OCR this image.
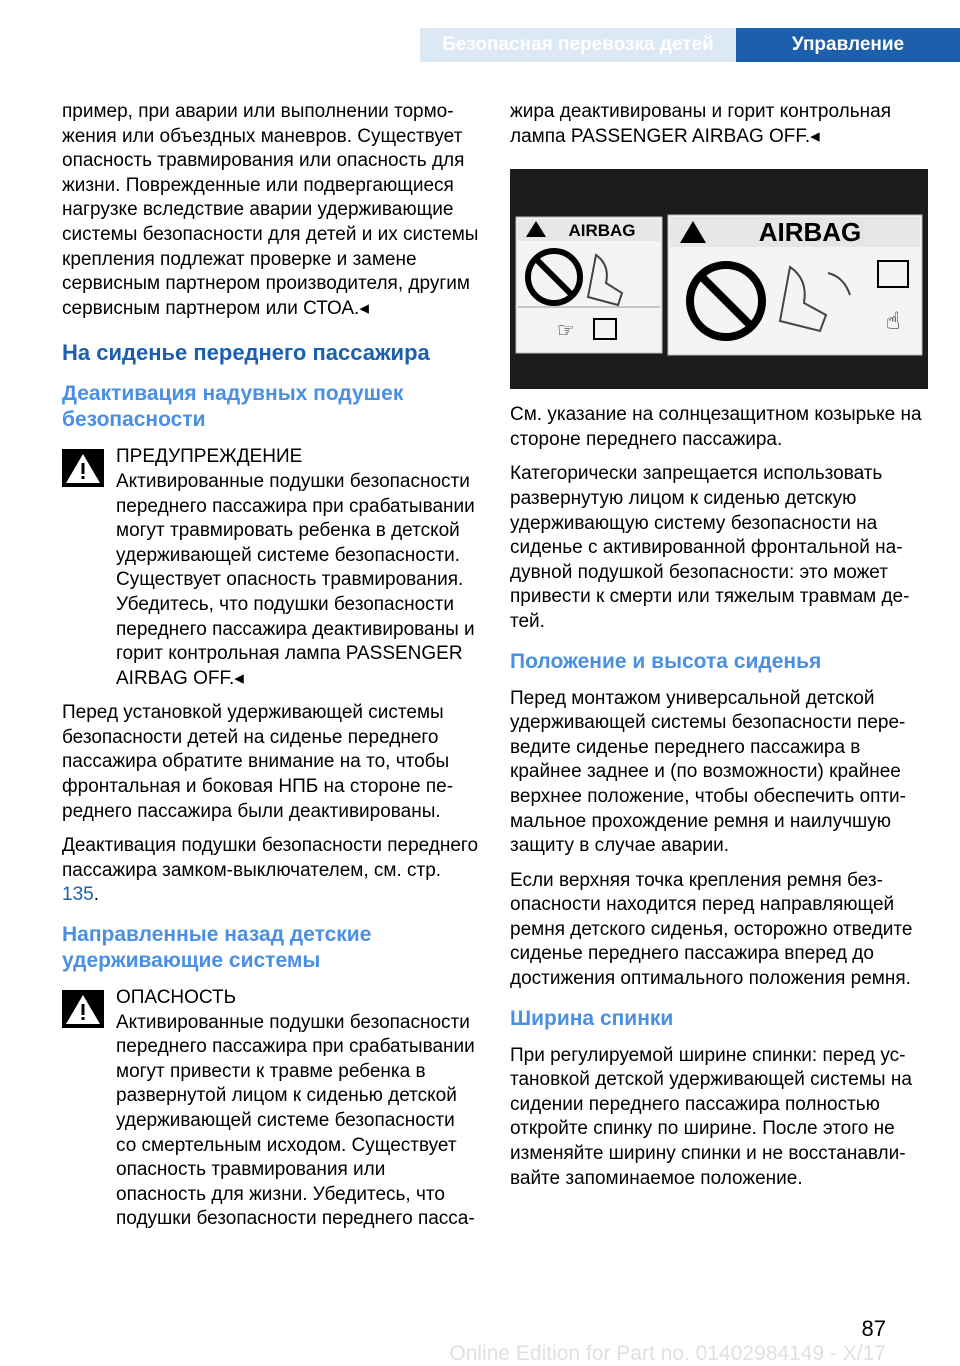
Безопасная перевозка детей	Управление

пример, при аварии или выполнении торможения или объездных маневров. Существует опасность травмирования или опасность для жизни. Поврежденные или подвергающиеся нагрузке вследствие аварии удерживающие системы безопасности для детей и их системы крепления подлежат проверке и замене сервисным партнером производителя, другим сервисным партнером или СТОА.◂

На сиденье переднего пассажира
Деактивация надувных подушек безопасности

ПРЕДУПРЕЖДЕНИЕ

Активированные подушки безопасности переднего пассажира при срабатывании могут травмировать ребенка в детской удерживающей системе безопасности. Существует опасность травмирования. Убедитесь, что подушки безопасности переднего пассажира деактивированы и горит контрольная лампа PASSENGER AIRBAG OFF.◂

Перед установкой удерживающей системы безопасности детей на сиденье переднего пассажира обратите внимание на то, чтобы фронтальная и боковая НПБ на стороне переднего пассажира были деактивированы.

Деактивация подушки безопасности переднего пассажира замком-выключателем, см. стр. 135.

Направленные назад детские удерживающие системы

ОПАСНОСТЬ

Активированные подушки безопасности переднего пассажира при срабатывании могут привести к травме ребенка в развернутой лицом к сиденью детской удерживающей системе безопасности со смертельным исходом. Существует опасность травмирования или опасность для жизни. Убедитесь, что подушки безопасности переднего пасса-

жира деактивированы и горит контрольная лампа PASSENGER AIRBAG OFF.◂

AIRBAG
☞
AIRBAG
☝

См. указание на солнцезащитном козырьке на стороне переднего пассажира.

Категорически запрещается использовать развернутую лицом к сиденью детскую удерживающую систему безопасности на сиденье с активированной фронтальной надувной подушкой безопасности: это может привести к смерти или тяжелым травмам детей.

Положение и высота сиденья

Перед монтажом универсальной детской удерживающей системы безопасности переведите сиденье переднего пассажира в крайнее заднее и (по возможности) крайнее верхнее положение, чтобы обеспечить оптимальное прохождение ремня и наилучшую защиту в случае аварии.

Если верхняя точка крепления ремня безопасности находится перед направляющей ремня детского сиденья, осторожно отведите сиденье переднего пассажира вперед до достижения оптимального положения ремня.

Ширина спинки

При регулируемой ширине спинки: перед установкой детской удерживающей системы на сидении переднего пассажира полностью откройте спинку по ширине. После этого не изменяйте ширину спинки и не восстанавливайте запоминаемое положение.

87
Online Edition for Part no. 01402984149 - X/17
